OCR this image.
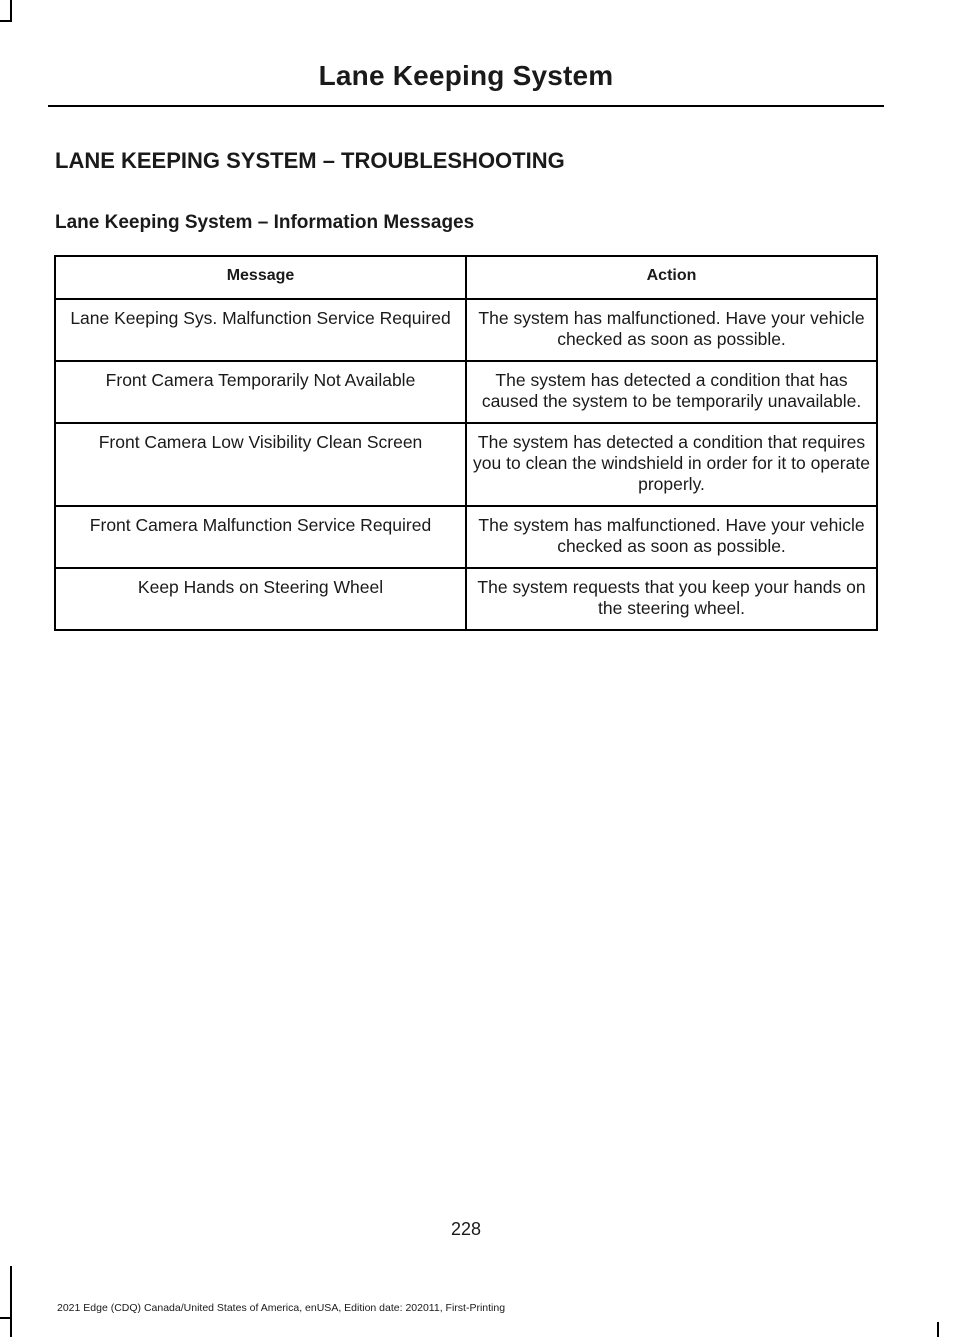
Lane Keeping System
LANE KEEPING SYSTEM – TROUBLESHOOTING
Lane Keeping System – Information Messages
Message	Action
Lane Keeping Sys. Malfunction Service Required	The system has malfunctioned. Have your vehicle checked as soon as possible.
Front Camera Temporarily Not Available	The system has detected a condition that has caused the system to be temporarily unavailable.
Front Camera Low Visibility Clean Screen	The system has detected a condition that requires you to clean the windshield in order for it to operate properly.
Front Camera Malfunction Service Required	The system has malfunctioned. Have your vehicle checked as soon as possible.
Keep Hands on Steering Wheel	The system requests that you keep your hands on the steering wheel.
228
2021 Edge (CDQ) Canada/United States of America, enUSA, Edition date: 202011, First-Printing
